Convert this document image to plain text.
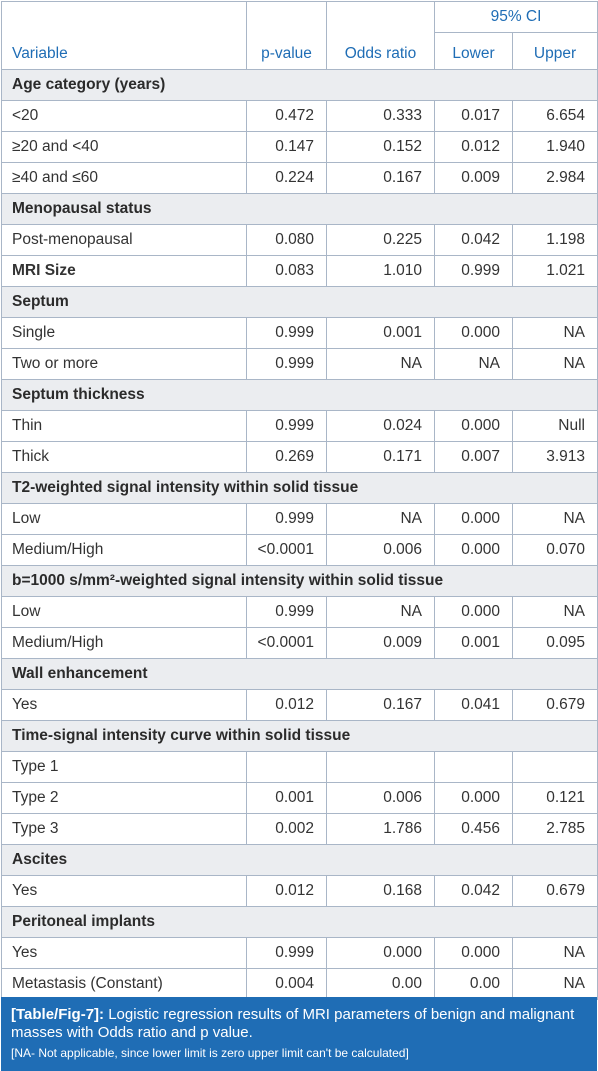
			95% CI	
Variable	p-value	Odds ratio	Lower	Upper
Age category (years)				
<20	0.472	0.333	0.017	6.654
≥20 and <40	0.147	0.152	0.012	1.940
≥40 and ≤60	0.224	0.167	0.009	2.984
Menopausal status				
Post-menopausal	0.080	0.225	0.042	1.198
MRI Size	0.083	1.010	0.999	1.021
Septum				
Single	0.999	0.001	0.000	NA
Two or more	0.999	NA	NA	NA
Septum thickness				
Thin	0.999	0.024	0.000	Null
Thick	0.269	0.171	0.007	3.913
T2-weighted signal intensity within solid tissue				
Low	0.999	NA	0.000	NA
Medium/High	<0.0001	0.006	0.000	0.070
b=1000 s/mm²-weighted signal intensity within solid tissue				
Low	0.999	NA	0.000	NA
Medium/High	<0.0001	0.009	0.001	0.095
Wall enhancement				
Yes	0.012	0.167	0.041	0.679
Time-signal intensity curve within solid tissue				
Type 1				
Type 2	0.001	0.006	0.000	0.121
Type 3	0.002	1.786	0.456	2.785
Ascites				
Yes	0.012	0.168	0.042	0.679
Peritoneal implants				
Yes	0.999	0.000	0.000	NA
Metastasis (Constant)	0.004	0.00	0.00	NA
[Table/Fig-7]: Logistic regression results of MRI parameters of benign and malignant masses with Odds ratio and p value.
[NA- Not applicable, since lower limit is zero upper limit can't be calculated]
